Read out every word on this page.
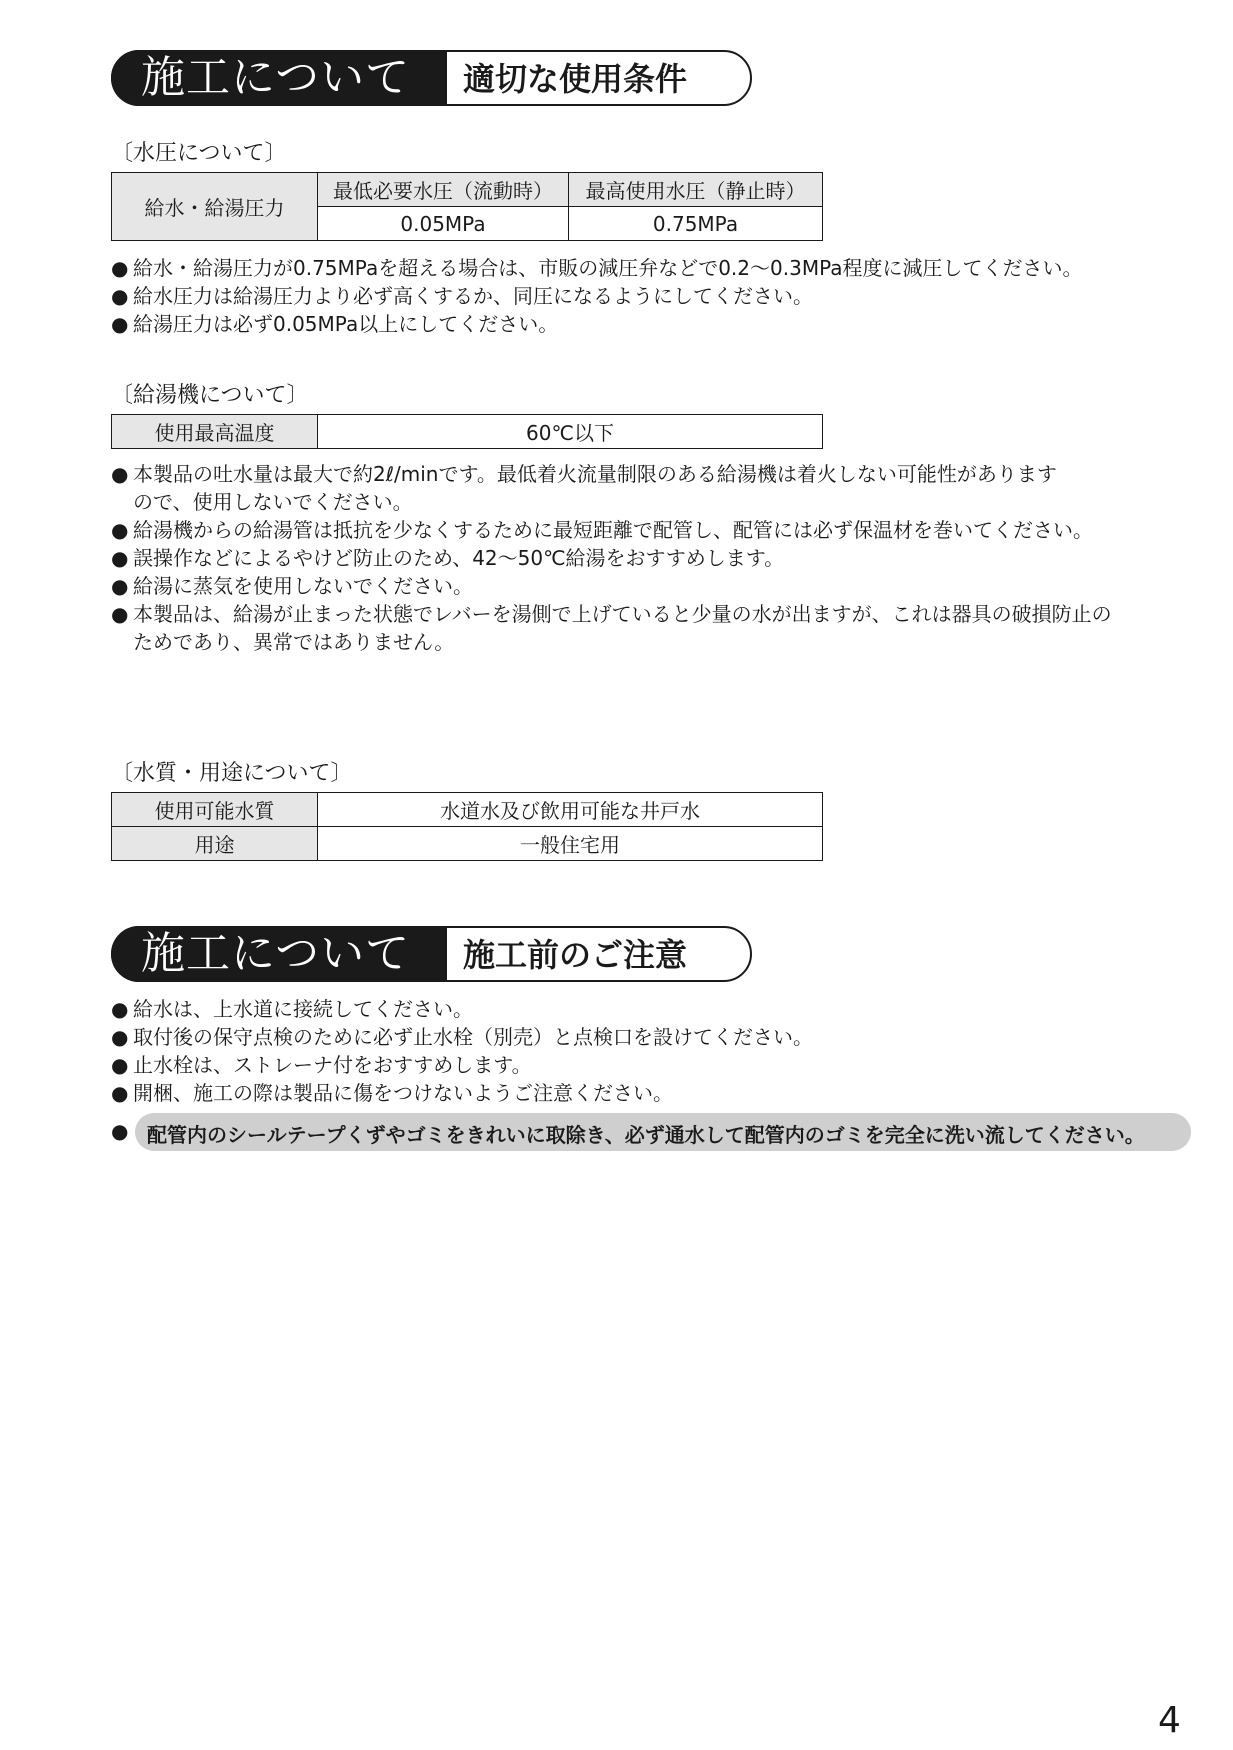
施工について 適切な使用条件
〔水圧について〕
給水・給湯圧力	最低必要水圧（流動時）	最高使用水圧（静止時）
	0.05MPa	0.75MPa
● 給水・給湯圧力が0.75MPaを超える場合は、市販の減圧弁などで0.2〜0.3MPa程度に減圧してください。
● 給水圧力は給湯圧力より必ず高くするか、同圧になるようにしてください。
● 給湯圧力は必ず0.05MPa以上にしてください。
〔給湯機について〕
使用最高温度	60℃以下
● 本製品の吐水量は最大で約2ℓ/minです。最低着火流量制限のある給湯機は着火しない可能性があります
ので、使用しないでください。
● 給湯機からの給湯管は抵抗を少なくするために最短距離で配管し、配管には必ず保温材を巻いてください。
● 誤操作などによるやけど防止のため、42〜50℃給湯をおすすめします。
● 給湯に蒸気を使用しないでください。
● 本製品は、給湯が止まった状態でレバーを湯側で上げていると少量の水が出ますが、これは器具の破損防止の
ためであり、異常ではありません。
〔水質・用途について〕
使用可能水質	水道水及び飲用可能な井戸水
用途	一般住宅用
施工について 施工前のご注意
● 給水は、上水道に接続してください。
● 取付後の保守点検のために必ず止水栓（別売）と点検口を設けてください。
● 止水栓は、ストレーナ付をおすすめします。
● 開梱、施工の際は製品に傷をつけないようご注意ください。
● 配管内のシールテープくずやゴミをきれいに取除き、必ず通水して配管内のゴミを完全に洗い流してください。
4
